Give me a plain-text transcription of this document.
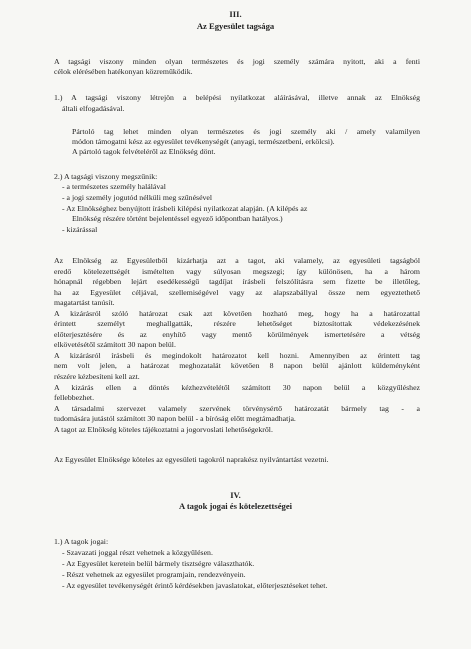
III.

Az Egyesület tagsága

A tagsági viszony minden olyan természetes és jogi személy számára nyitott, aki a fenti

célok elérésében hatékonyan közreműködik.

1.) A tagsági viszony létrejön a belépési nyilatkozat aláírásával, illetve annak az Elnökség

általi elfogadásával.

Pártoló tag lehet minden olyan természetes és jogi személy aki / amely valamilyen

módon támogatni kész az egyesület tevékenységét (anyagi, természetbeni, erkölcsi).

A pártoló tagok felvételéről az Elnökség dönt.

2.) A tagsági viszony megszűnik:

- a természetes személy halálával

- a jogi személy jogutód nélküli meg szűnésével

- Az Elnökséghez benyújtott írásbeli kilépési nyilatkozat alapján. (A kilépés az

Elnökség részére történt bejelentéssel egyező időpontban hatályos.)

- kizárással

Az Elnökség az Egyesületből kizárhatja azt a tagot, aki valamely, az egyesületi tagságból

eredő kötelezettségét ismételten vagy súlyosan megszegi; így különösen, ha a három

hónapnál régebben lejárt esedékességű tagdíjat írásbeli felszólításra sem fizette be illetőleg,

ha az Egyesület céljával, szellemiségével vagy az alapszabállyal össze nem egyeztethető

magatartást tanúsít.

A kizárásról szóló határozat csak azt követően hozható meg, hogy ha a határozattal

érintett személyt meghallgatták, részére lehetőséget biztosítottak védekezésének

előterjesztésére és az enyhítő vagy mentő körülmények ismertetésére a vétség

elkövetésétől számított 30 napon belül.

A kizárásról írásbeli és megindokolt határozatot kell hozni. Amennyiben az érintett tag

nem volt jelen, a határozat meghozatalát követően 8 napon belül ajánlott küldeményként

részére kézbesíteni kell azt.

A kizárás ellen a döntés kézhezvételétől számított 30 napon belül a közgyűléshez

fellebbezhet.

A társadalmi szervezet valamely szervének törvénysértő határozatát bármely tag - a

tudomására jutástól számított 30 napon belül - a bíróság előtt megtámadhatja.

A tagot az Elnökség köteles tájékoztatni a jogorvoslati lehetőségekről.

Az Egyesület Elnöksége köteles az egyesületi tagokról naprakész nyilvántartást vezetni.

IV.

A tagok jogai és kötelezettségei

1.) A tagok jogai:

- Szavazati joggal részt vehetnek a közgyűlésen.

- Az Egyesület keretein belül bármely tisztségre választhatók.

- Részt vehetnek az egyesület programjain, rendezvényein.

- Az egyesület tevékenységét érintő kérdésekben javaslatokat, előterjesztéseket tehet.
